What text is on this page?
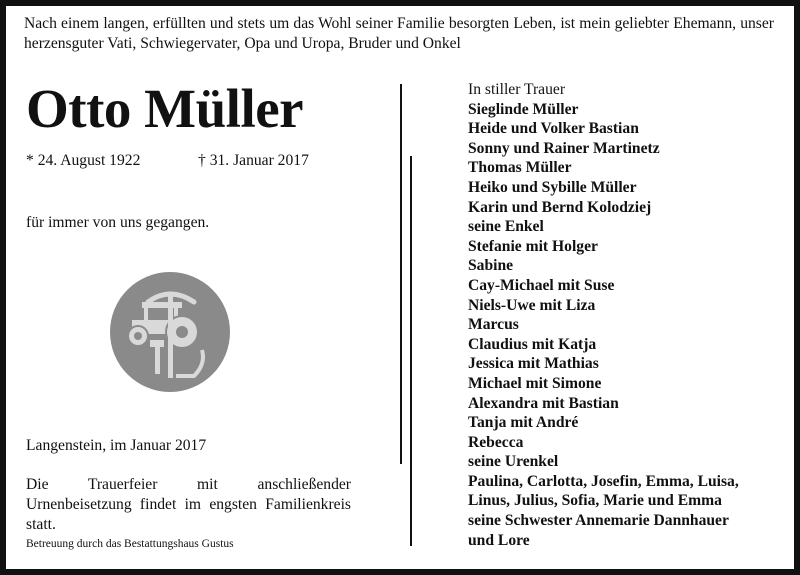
Nach einem langen, erfüllten und stets um das Wohl seiner Familie besorgten Leben, ist mein geliebter Ehemann, unser herzensguter Vati, Schwiegervater, Opa und Uropa, Bruder und Onkel
Otto Müller
* 24. August 1922	† 31. Januar 2017
für immer von uns gegangen.
Langenstein, im Januar 2017
Die Trauerfeier mit anschließender Urnenbeisetzung findet im engsten Familienkreis statt.
Betreuung durch das Bestattungshaus Gustus
In stiller Trauer
Sieglinde Müller
Heide und Volker Bastian
Sonny und Rainer Martinetz
Thomas Müller
Heiko und Sybille Müller
Karin und Bernd Kolodziej
seine Enkel
Stefanie mit Holger
Sabine
Cay-Michael mit Suse
Niels-Uwe mit Liza
Marcus
Claudius mit Katja
Jessica mit Mathias
Michael mit Simone
Alexandra mit Bastian
Tanja mit André
Rebecca
seine Urenkel
Paulina, Carlotta, Josefin, Emma, Luisa,
Linus, Julius, Sofia, Marie und Emma
seine Schwester Annemarie Dannhauer
und Lore
